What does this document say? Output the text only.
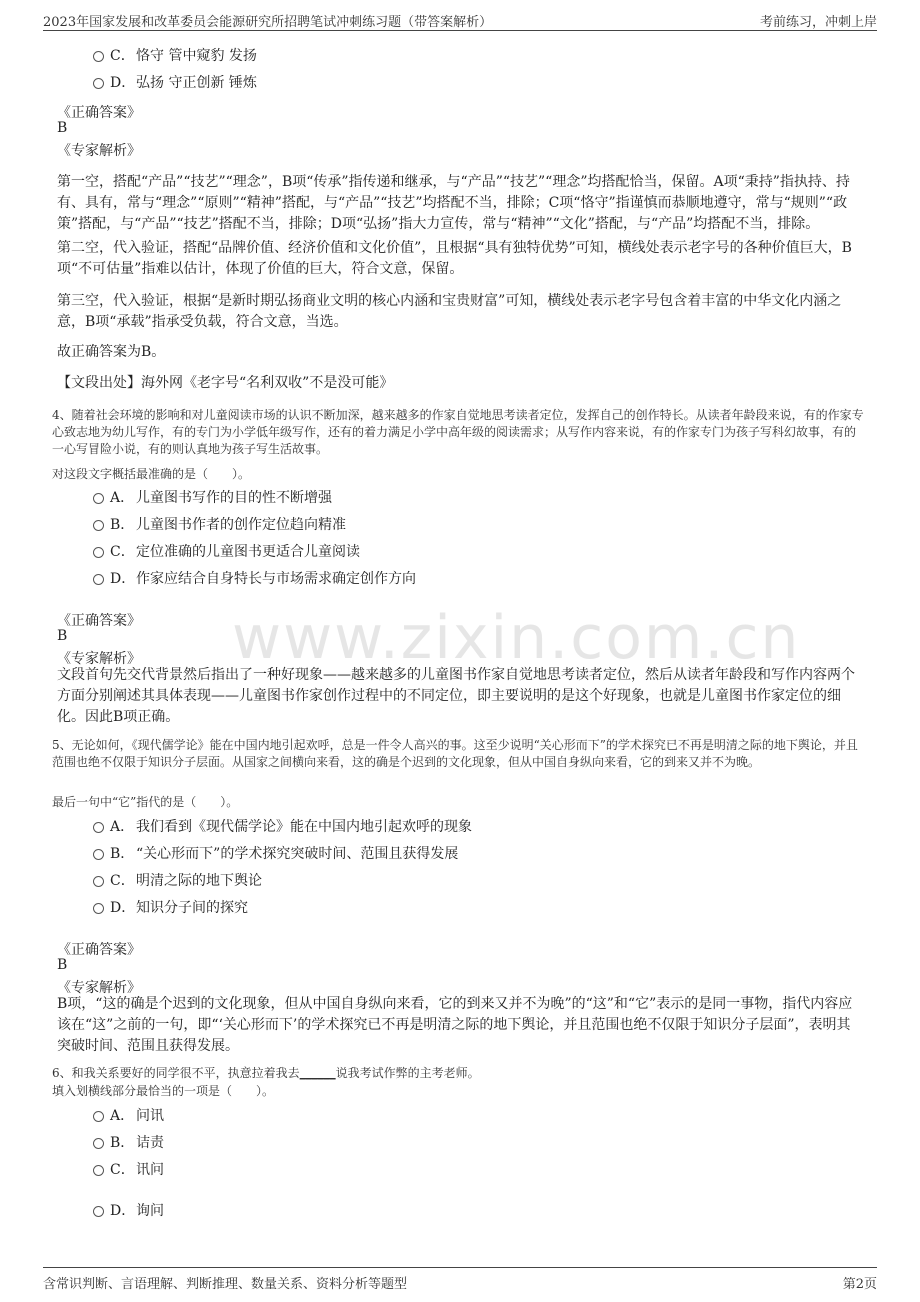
2023年国家发展和改革委员会能源研究所招聘笔试冲刺练习题（带答案解析）	考前练习，冲刺上岸
www.zixin.com.cn
C．恪守 管中窥豹 发扬
D．弘扬 守正创新 锤炼
《正确答案》
B
《专家解析》
第一空，搭配“产品”“技艺”“理念”，B项“传承”指传递和继承，与“产品”“技艺”“理念”均搭配恰当，保留。A项“秉持”指执持、持有、具有，常与“理念”“原则”“精神”搭配，与“产品”“技艺”均搭配不当，排除；C项“恪守”指谨慎而恭顺地遵守，常与“规则”“政策”搭配，与“产品”“技艺”搭配不当，排除；D项“弘扬”指大力宣传，常与“精神”“文化”搭配，与“产品”均搭配不当，排除。
第二空，代入验证，搭配“品牌价值、经济价值和文化价值”，且根据“具有独特优势”可知，横线处表示老字号的各种价值巨大，B项“不可估量”指难以估计，体现了价值的巨大，符合文意，保留。
第三空，代入验证，根据“是新时期弘扬商业文明的核心内涵和宝贵财富”可知，横线处表示老字号包含着丰富的中华文化内涵之意，B项“承载”指承受负载，符合文意，当选。
故正确答案为B。
【文段出处】海外网《老字号“名利双收”不是没可能》
4、随着社会环境的影响和对儿童阅读市场的认识不断加深，越来越多的作家自觉地思考读者定位，发挥自己的创作特长。从读者年龄段来说，有的作家专心致志地为幼儿写作，有的专门为小学低年级写作，还有的着力满足小学中高年级的阅读需求；从写作内容来说，有的作家专门为孩子写科幻故事，有的一心写冒险小说，有的则认真地为孩子写生活故事。
对这段文字概括最准确的是（　　）。
A． 儿童图书写作的目的性不断增强
B． 儿童图书作者的创作定位趋向精准
C．定位准确的儿童图书更适合儿童阅读
D．作家应结合自身特长与市场需求确定创作方向
《正确答案》
B
《专家解析》
文段首句先交代背景然后指出了一种好现象——越来越多的儿童图书作家自觉地思考读者定位，然后从读者年龄段和写作内容两个方面分别阐述其具体表现——儿童图书作家创作过程中的不同定位，即主要说明的是这个好现象，也就是儿童图书作家定位的细化。因此B项正确。
5、无论如何，《现代儒学论》能在中国内地引起欢呼，总是一件令人高兴的事。这至少说明“关心形而下”的学术探究已不再是明清之际的地下舆论，并且范围也绝不仅限于知识分子层面。从国家之间横向来看，这的确是个迟到的文化现象，但从中国自身纵向来看，它的到来又并不为晚。
最后一句中“它”指代的是（　　）。
A． 我们看到《现代儒学论》能在中国内地引起欢呼的现象
B． “关心形而下”的学术探究突破时间、范围且获得发展
C．明清之际的地下舆论
D．知识分子间的探究
《正确答案》
B
《专家解析》
B项，“这的确是个迟到的文化现象，但从中国自身纵向来看，它的到来又并不为晚”的“这”和“它”表示的是同一事物，指代内容应该在“这”之前的一句，即“‘关心形而下’的学术探究已不再是明清之际的地下舆论，并且范围也绝不仅限于知识分子层面”，表明其突破时间、范围且获得发展。
6、和我关系要好的同学很不平，执意拉着我去______说我考试作弊的主考老师。
填入划横线部分最恰当的一项是（　　）。
A． 问讯
B． 诘责
C．讯问
D．询问
含常识判断、言语理解、判断推理、数量关系、资料分析等题型	第2页
